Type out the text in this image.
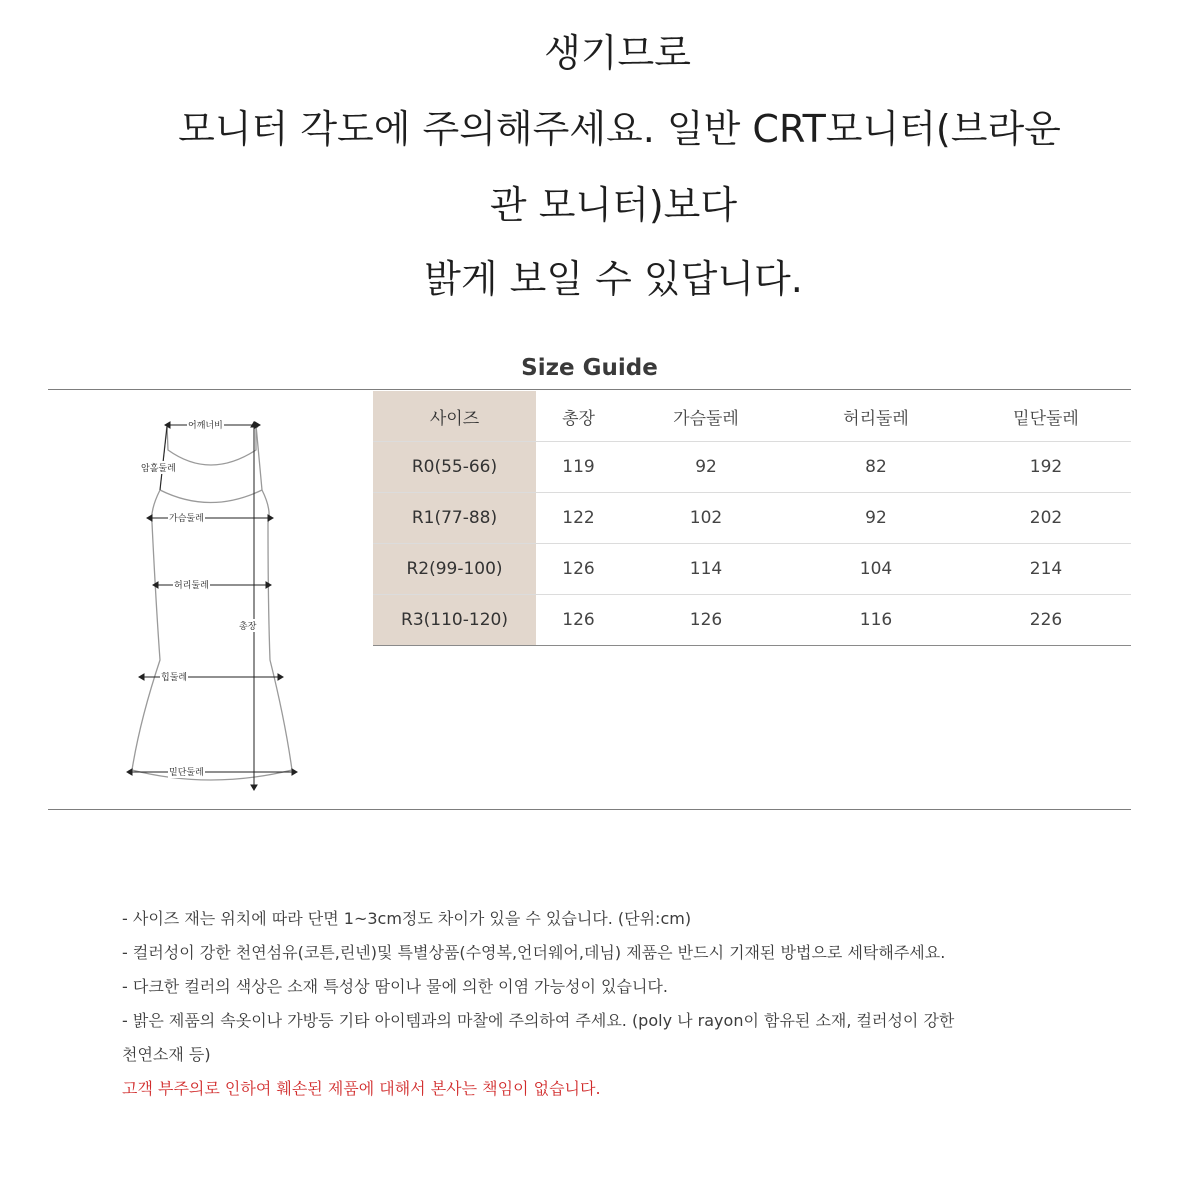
생기므로
모니터 각도에 주의해주세요. 일반 CRT모니터(브라운
관 모니터)보다
밝게 보일 수 있답니다.
Size Guide
어깨너비
암홀둘레
가슴둘레
허리둘레
총장
힙둘레
밑단둘레
사이즈	총장	가슴둘레	허리둘레	밑단둘레
R0(55-66)	119	92	82	192
R1(77-88)	122	102	92	202
R2(99-100)	126	114	104	214
R3(110-120)	126	126	116	226
- 사이즈 재는 위치에 따라 단면 1~3cm정도 차이가 있을 수 있습니다. (단위:cm)
- 컬러성이 강한 천연섬유(코튼,린넨)및 특별상품(수영복,언더웨어,데님) 제품은 반드시 기재된 방법으로 세탁해주세요.
- 다크한 컬러의 색상은 소재 특성상 땀이나 물에 의한 이염 가능성이 있습니다.
- 밝은 제품의 속옷이나 가방등 기타 아이템과의 마찰에 주의하여 주세요. (poly 나 rayon이 함유된 소재, 컬러성이 강한
천연소재 등)
고객 부주의로 인하여 훼손된 제품에 대해서 본사는 책임이 없습니다.
